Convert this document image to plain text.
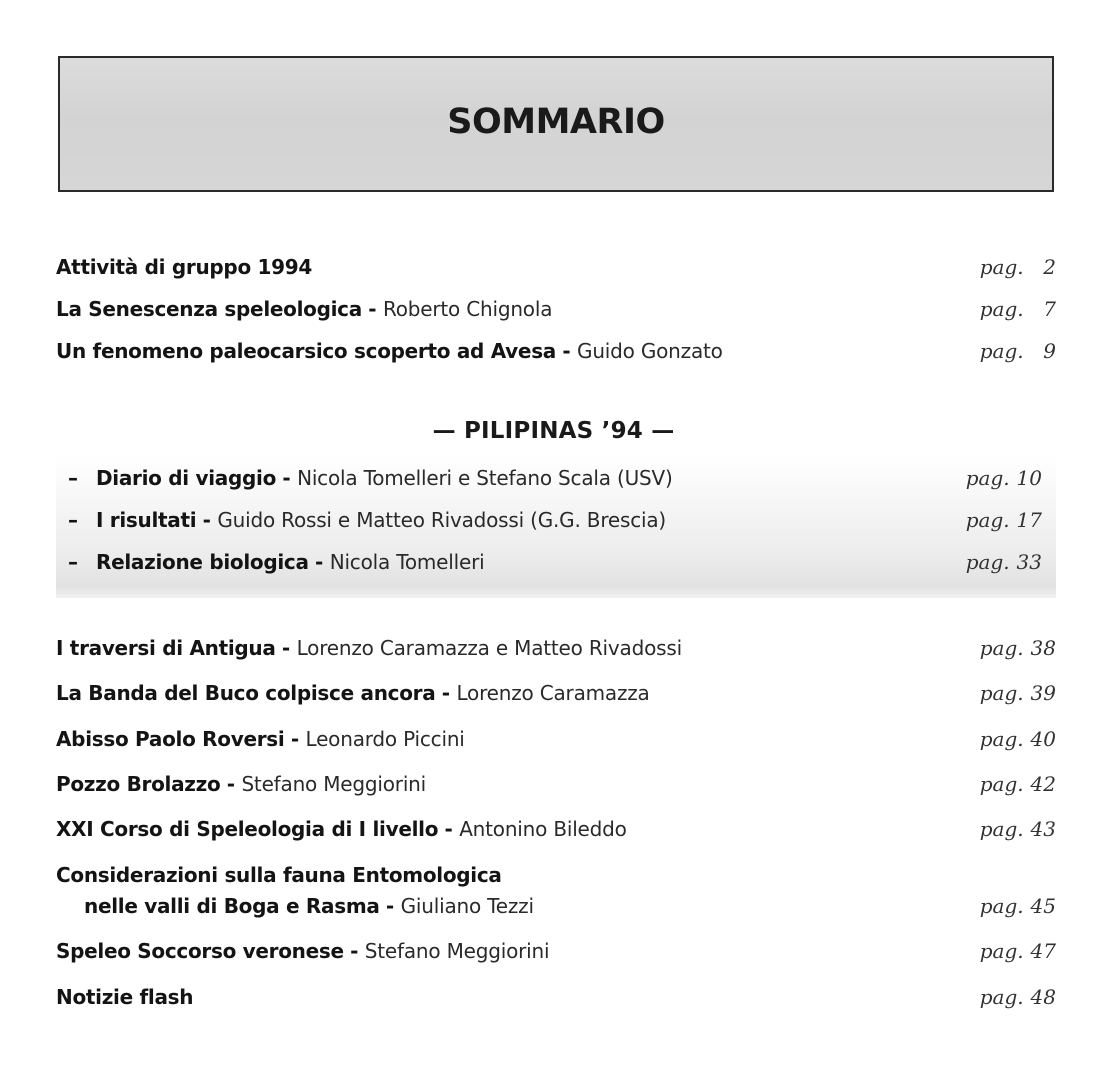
SOMMARIO
Attività di gruppo 1994	pag. 2
La Senescenza speleologica - Roberto Chignola	pag. 7
Un fenomeno paleocarsico scoperto ad Avesa - Guido Gonzato	pag. 9
— PILIPINAS ’94 —
– Diario di viaggio - Nicola Tomelleri e Stefano Scala (USV)	pag. 10
– I risultati - Guido Rossi e Matteo Rivadossi (G.G. Brescia)	pag. 17
– Relazione biologica - Nicola Tomelleri	pag. 33
I traversi di Antigua - Lorenzo Caramazza e Matteo Rivadossi	pag. 38
La Banda del Buco colpisce ancora - Lorenzo Caramazza	pag. 39
Abisso Paolo Roversi - Leonardo Piccini	pag. 40
Pozzo Brolazzo - Stefano Meggiorini	pag. 42
XXI Corso di Speleologia di I livello - Antonino Bileddo	pag. 43
Considerazioni sulla fauna Entomologica
nelle valli di Boga e Rasma - Giuliano Tezzi	pag. 45
Speleo Soccorso veronese - Stefano Meggiorini	pag. 47
Notizie flash	pag. 48
